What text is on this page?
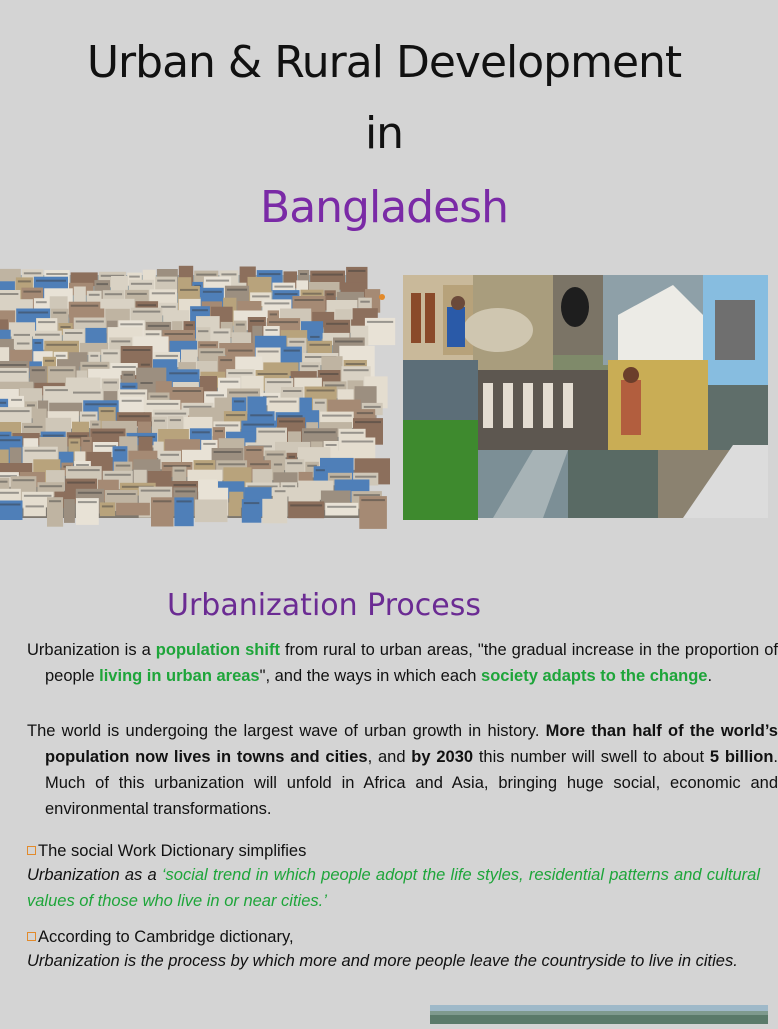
Urban & Rural Development
in
Bangladesh
Urbanization Process

Urbanization is a population shift from rural to urban areas, "the gradual increase in the proportion of people living in urban areas", and the ways in which each society adapts to the change.

The world is undergoing the largest wave of urban growth in history. More than half of the world’s population now lives in towns and cities, and by 2030 this number will swell to about 5 billion. Much of this urbanization will unfold in Africa and Asia, bringing huge social, economic and environmental transformations.

The social Work Dictionary simplifies

Urbanization as a ‘social trend in which people adopt the life styles, residential patterns and cultural values of those who live in or near cities.’

According to Cambridge dictionary,

Urbanization is the process by which more and more people leave the countryside to live in cities.
